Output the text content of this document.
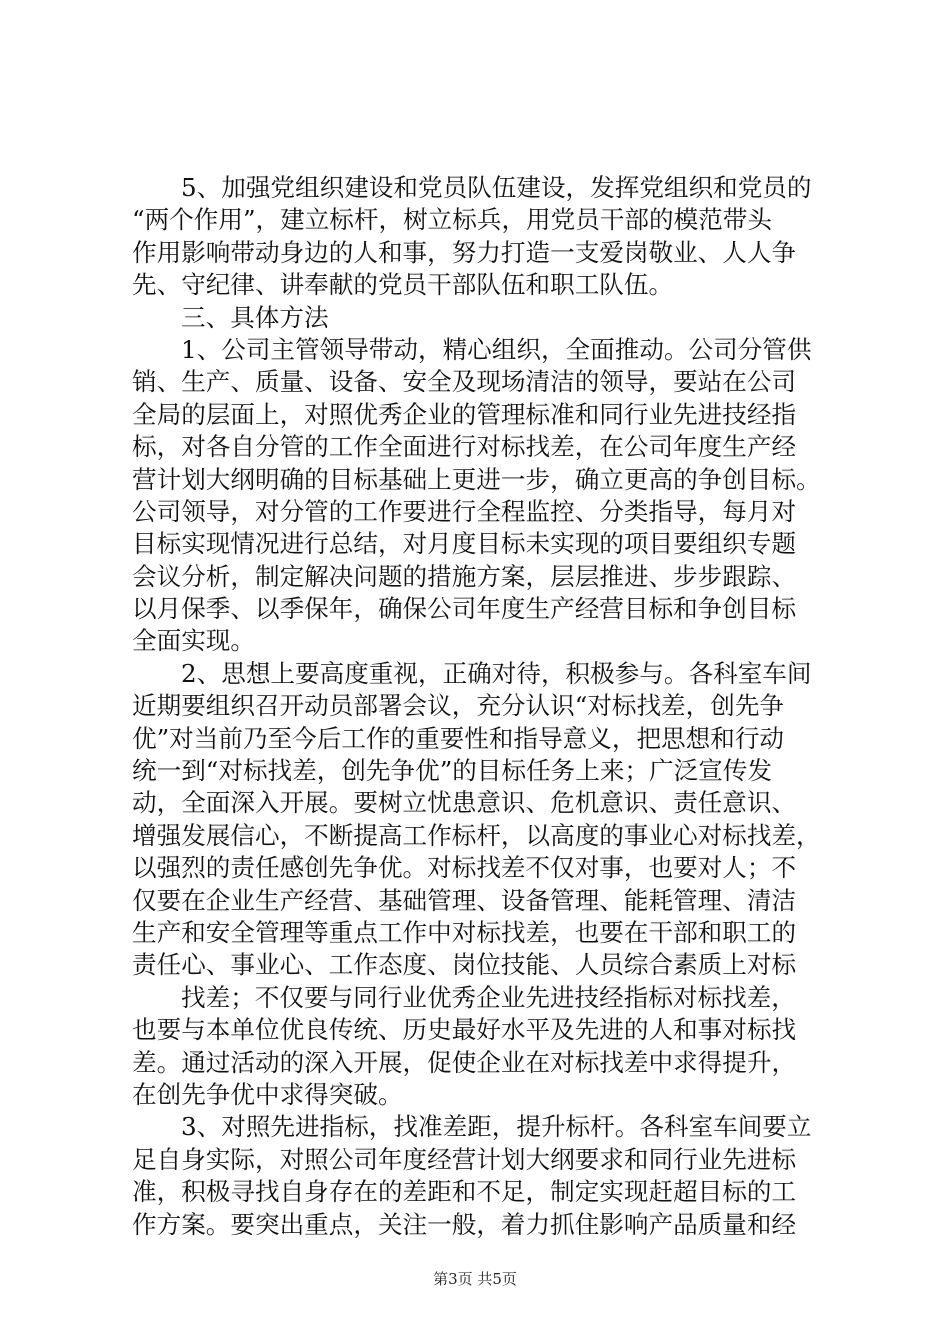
5、加强党组织建设和党员队伍建设，发挥党组织和党员的
“两个作用”，建立标杆，树立标兵，用党员干部的模范带头
作用影响带动身边的人和事，努力打造一支爱岗敬业、人人争
先、守纪律、讲奉献的党员干部队伍和职工队伍。
三、具体方法
1、公司主管领导带动，精心组织，全面推动。公司分管供
销、生产、质量、设备、安全及现场清洁的领导，要站在公司
全局的层面上，对照优秀企业的管理标准和同行业先进技经指
标，对各自分管的工作全面进行对标找差，在公司年度生产经
营计划大纲明确的目标基础上更进一步，确立更高的争创目标。
公司领导，对分管的工作要进行全程监控、分类指导，每月对
目标实现情况进行总结，对月度目标未实现的项目要组织专题
会议分析，制定解决问题的措施方案，层层推进、步步跟踪、
以月保季、以季保年，确保公司年度生产经营目标和争创目标
全面实现。
2、思想上要高度重视，正确对待，积极参与。各科室车间
近期要组织召开动员部署会议，充分认识“对标找差，创先争
优”对当前乃至今后工作的重要性和指导意义，把思想和行动
统一到“对标找差，创先争优”的目标任务上来；广泛宣传发
动，全面深入开展。要树立忧患意识、危机意识、责任意识、
增强发展信心，不断提高工作标杆，以高度的事业心对标找差，
以强烈的责任感创先争优。对标找差不仅对事，也要对人；不
仅要在企业生产经营、基础管理、设备管理、能耗管理、清洁
生产和安全管理等重点工作中对标找差，也要在干部和职工的
责任心、事业心、工作态度、岗位技能、人员综合素质上对标
找差；不仅要与同行业优秀企业先进技经指标对标找差，
也要与本单位优良传统、历史最好水平及先进的人和事对标找
差。通过活动的深入开展，促使企业在对标找差中求得提升，
在创先争优中求得突破。
3、对照先进指标，找准差距，提升标杆。各科室车间要立
足自身实际，对照公司年度经营计划大纲要求和同行业先进标
准，积极寻找自身存在的差距和不足，制定实现赶超目标的工
作方案。要突出重点，关注一般，着力抓住影响产品质量和经
第3页 共5页
